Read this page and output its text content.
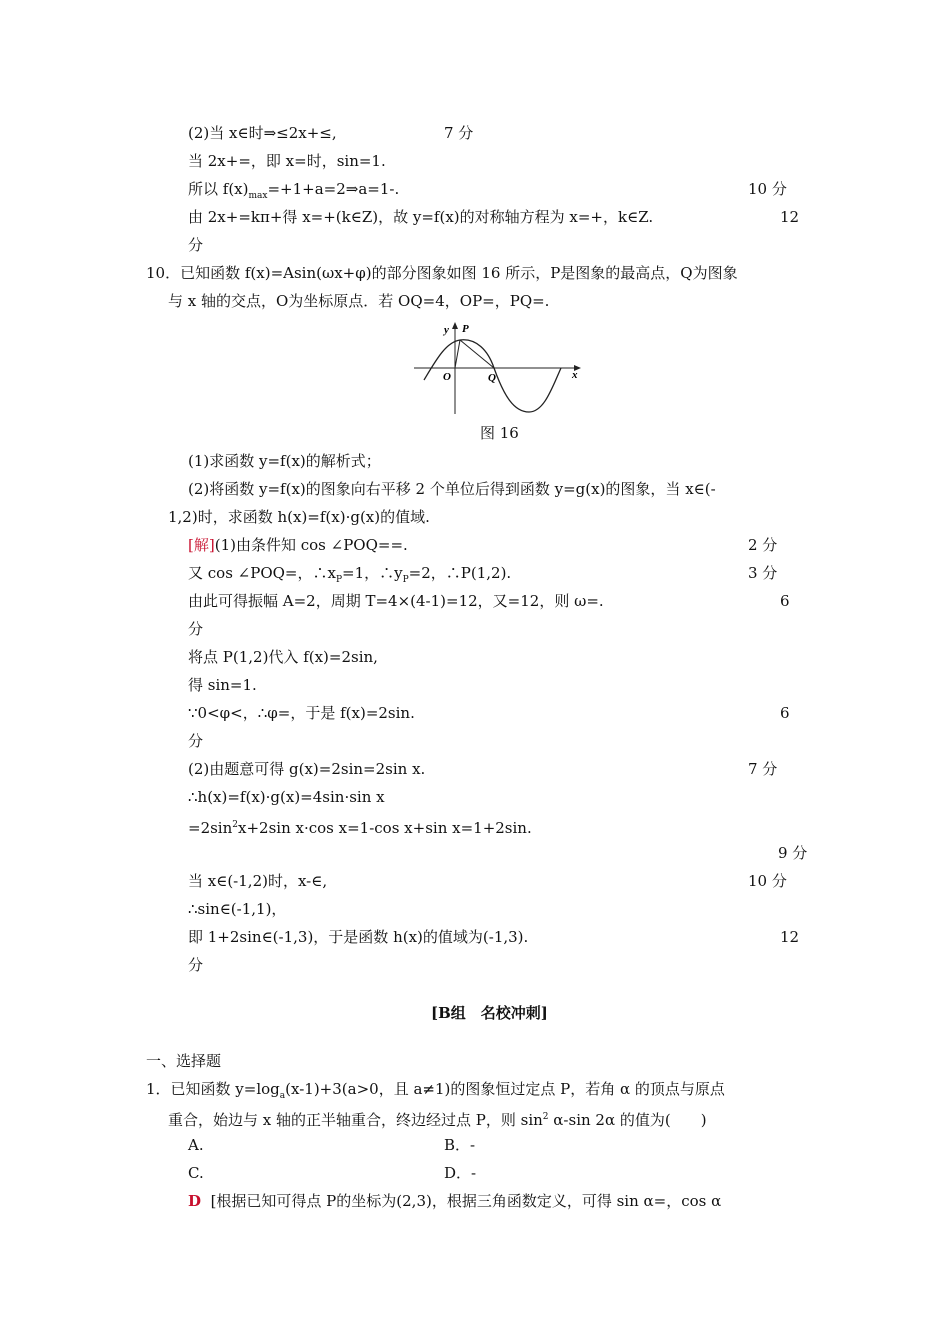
(2)当 x∈时⇒≤2x+≤,	7 分
当 2x+=，即 x=时，sin=1.
所以 $f(x)_{max}=+1+a=2\Rightarrow a=1-$.	10 分
由 2x+=kπ+得 x=+(k∈Z)，故 y=f(x)的对称轴方程为 x=+，k∈Z.	12
分
10．已知函数 f(x)=Asin(ωx+φ)的部分图象如图 16 所示，P是图象的最高点，Q为图象
与 x 轴的交点，O为坐标原点．若 OQ=4，OP=，PQ=.
y P
O	Q	x
图 16
(1)求函数 y=f(x)的解析式；
(2)将函数 y=f(x)的图象向右平移 2 个单位后得到函数 y=g(x)的图象，当 x∈(-
1,2)时，求函数 h(x)=f(x)·g(x)的值域.
[解](1)由条件知 cos ∠POQ==.	2 分
又 cos ∠POQ=，$\therefore x_P=1$，$\therefore y_P=2$，∴P(1,2).	3 分
由此可得振幅 A=2，周期 T=4×(4-1)=12，又=12，则 ω=.	6
分
将点 P(1,2)代入 f(x)=2sin,
得 sin=1.
∵0<φ<，∴φ=，于是 f(x)=2sin.	6
分
(2)由题意可得 g(x)=2sin=2sin x.	7 分
∴h(x)=f(x)·g(x)=4sin·sin x
$=2\sin^2x+2\sin$ x·cos x=1-cos x+sin x=1+2sin.
9 分
当 x∈(-1,2)时，x-∈,	10 分
∴sin∈(-1,1)，
即 1+2sin∈(-1,3)，于是函数 h(x)的值域为(-1,3).	12
分
[B组　名校冲刺]
一、选择题
1．已知函数 $y=\log_a(x-1)+3(a>0$，且 a≠1)的图象恒过定点 P，若角 α 的顶点与原点
重合，始边与 x 轴的正半轴重合，终边经过点 P，则 $\sin^2 \alpha-\sin$ 2α 的值为(　　)
A.	B．-
C.	D．-
D [根据已知可得点 P的坐标为(2,3)，根据三角函数定义，可得 sin α=，cos α
